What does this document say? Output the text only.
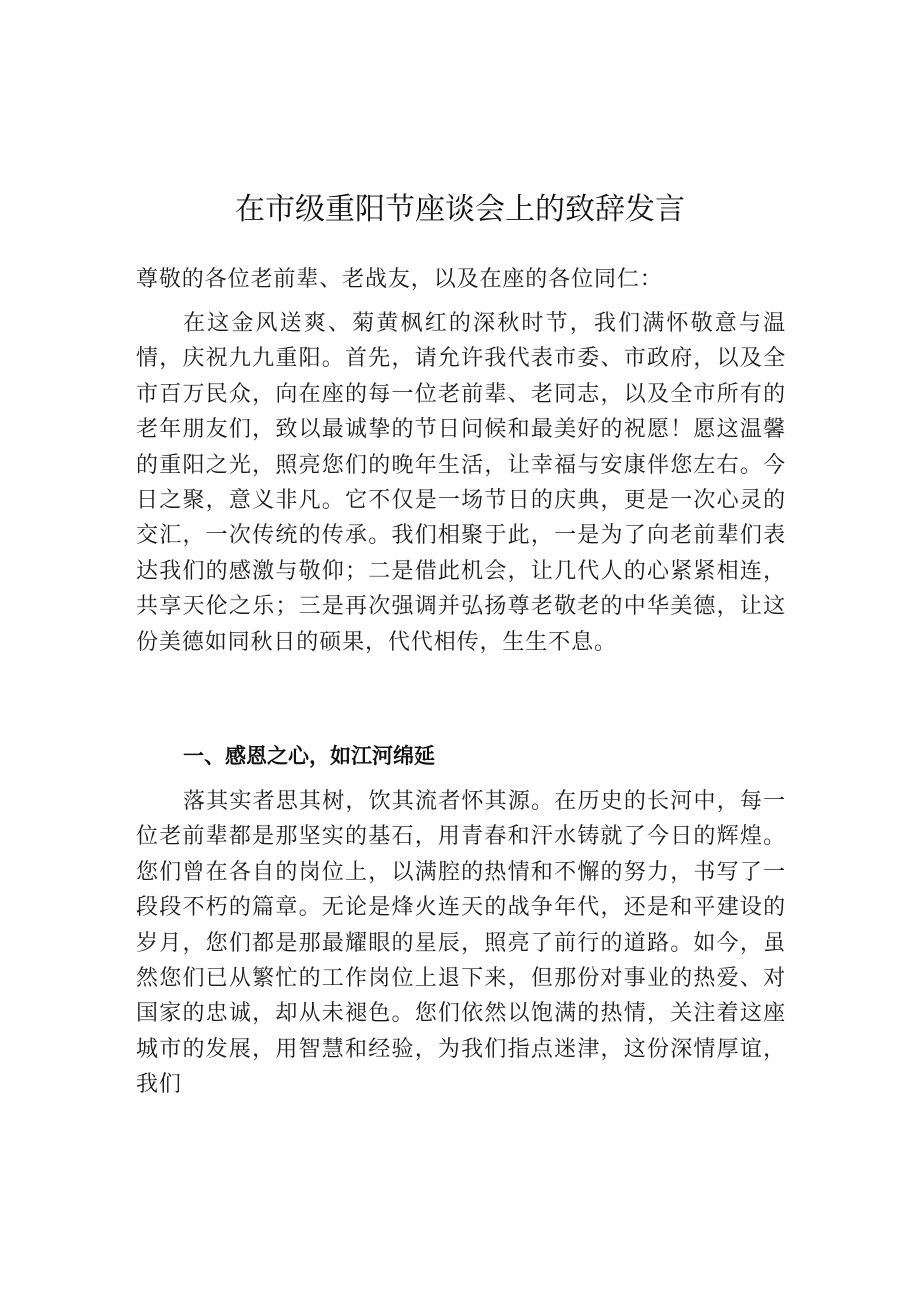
在市级重阳节座谈会上的致辞发言

尊敬的各位老前辈、老战友，以及在座的各位同仁：

在这金风送爽、菊黄枫红的深秋时节，我们满怀敬意与温情，庆祝九九重阳。首先，请允许我代表市委、市政府，以及全市百万民众，向在座的每一位老前辈、老同志，以及全市所有的老年朋友们，致以最诚挚的节日问候和最美好的祝愿！愿这温馨的重阳之光，照亮您们的晚年生活，让幸福与安康伴您左右。今日之聚，意义非凡。它不仅是一场节日的庆典，更是一次心灵的交汇，一次传统的传承。我们相聚于此，一是为了向老前辈们表达我们的感激与敬仰；二是借此机会，让几代人的心紧紧相连，共享天伦之乐；三是再次强调并弘扬尊老敬老的中华美德，让这份美德如同秋日的硕果，代代相传，生生不息。

一、感恩之心，如江河绵延

落其实者思其树，饮其流者怀其源。在历史的长河中，每一位老前辈都是那坚实的基石，用青春和汗水铸就了今日的辉煌。您们曾在各自的岗位上，以满腔的热情和不懈的努力，书写了一段段不朽的篇章。无论是烽火连天的战争年代，还是和平建设的岁月，您们都是那最耀眼的星辰，照亮了前行的道路。如今，虽然您们已从繁忙的工作岗位上退下来，但那份对事业的热爱、对国家的忠诚，却从未褪色。您们依然以饱满的热情，关注着这座城市的发展，用智慧和经验，为我们指点迷津，这份深情厚谊，我们
